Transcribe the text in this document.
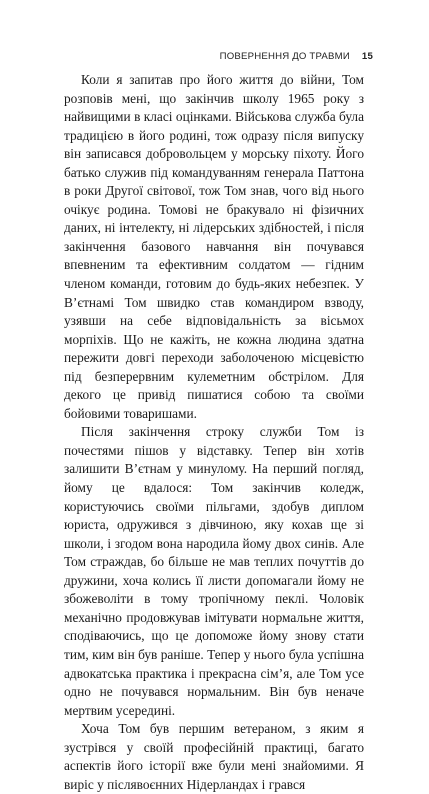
ПОВЕРНЕННЯ ДО ТРАВМИ 15

Коли я запитав про його життя до війни, Том розповів мені, що закінчив школу 1965 року з найвищими в класі оцінками. Військова служба була традицією в його родині, тож одразу після випуску він записався добровольцем у морську піхоту. Його батько служив під командуванням генерала Паттона в роки Другої світової, тож Том знав, чого від нього очікує родина. Томові не бракувало ні фізичних даних, ні інтелекту, ні лідерських здібностей, і після закінчення базового навчання він почувався впевненим та ефективним солдатом — гідним членом команди, готовим до будь-яких небезпек. У В’єтнамі Том швидко став командиром взводу, узявши на себе відповідальність за вісьмох морпіхів. Що не кажіть, не кожна людина здатна пережити довгі переходи заболоченою місцевістю під безперервним кулеметним обстрілом. Для декого це привід пишатися собою та своїми бойовими товаришами.

Після закінчення строку служби Том із почестями пішов у відставку. Тепер він хотів залишити В’єтнам у минулому. На перший погляд, йому це вдалося: Том закінчив коледж, користуючись своїми пільгами, здобув диплом юриста, одружився з дівчиною, яку кохав ще зі школи, і згодом вона народила йому двох синів. Але Том страждав, бо більше не мав теплих почуттів до дружини, хоча колись її листи допомагали йому не збожеволіти в тому тропічному пеклі. Чоловік механічно продовжував імітувати нормальне життя, сподіваючись, що це допоможе йому знову стати тим, ким він був раніше. Тепер у нього була успішна адвокатська практика і прекрасна сім’я, але Том усе одно не почувався нормальним. Він був неначе мертвим усередині.

Хоча Том був першим ветераном, з яким я зустрівся у своїй професійній практиці, багато аспектів його історії вже були мені знайомими. Я виріс у післявоєнних Нідерландах і грався
